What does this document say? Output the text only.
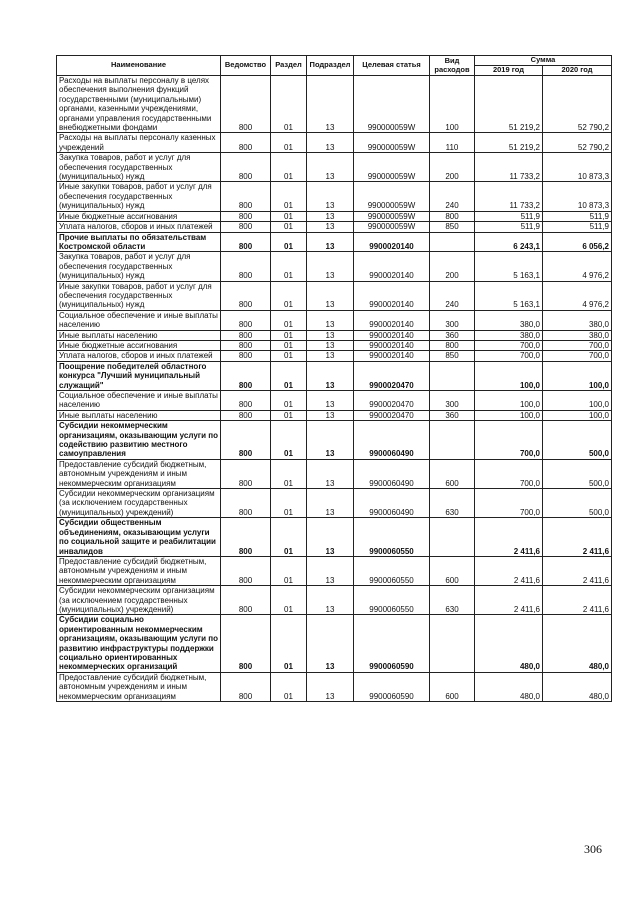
Наименование	Ведомство	Раздел	Подраздел	Целевая статья	Вид расходов	Сумма	
						2019 год	2020 год
Расходы на выплаты персоналу в целях обеспечения выполнения функций государственными (муниципальными) органами, казенными учреждениями, органами управления государственными внебюджетными фондами	800	01	13	990000059W	100	51 219,2	52 790,2
Расходы на выплаты персоналу казенных учреждений	800	01	13	990000059W	110	51 219,2	52 790,2
Закупка товаров, работ и услуг для обеспечения государственных (муниципальных) нужд	800	01	13	990000059W	200	11 733,2	10 873,3
Иные закупки товаров, работ и услуг для обеспечения государственных (муниципальных) нужд	800	01	13	990000059W	240	11 733,2	10 873,3
Иные бюджетные ассигнования	800	01	13	990000059W	800	511,9	511,9
Уплата налогов, сборов и иных платежей	800	01	13	990000059W	850	511,9	511,9
Прочие выплаты по обязательствам Костромской области	800	01	13	9900020140		6 243,1	6 056,2
Закупка товаров, работ и услуг для обеспечения государственных (муниципальных) нужд	800	01	13	9900020140	200	5 163,1	4 976,2
Иные закупки товаров, работ и услуг для обеспечения государственных (муниципальных) нужд	800	01	13	9900020140	240	5 163,1	4 976,2
Социальное обеспечение и иные выплаты населению	800	01	13	9900020140	300	380,0	380,0
Иные выплаты населению	800	01	13	9900020140	360	380,0	380,0
Иные бюджетные ассигнования	800	01	13	9900020140	800	700,0	700,0
Уплата налогов, сборов и иных платежей	800	01	13	9900020140	850	700,0	700,0
Поощрение победителей областного конкурса "Лучший муниципальный служащий"	800	01	13	9900020470		100,0	100,0
Социальное обеспечение и иные выплаты населению	800	01	13	9900020470	300	100,0	100,0
Иные выплаты населению	800	01	13	9900020470	360	100,0	100,0
Субсидии некоммерческим организациям, оказывающим услуги по содействию развитию местного самоуправления	800	01	13	9900060490		700,0	500,0
Предоставление субсидий бюджетным, автономным учреждениям и иным некоммерческим организациям	800	01	13	9900060490	600	700,0	500,0
Субсидии некоммерческим организациям (за исключением государственных (муниципальных) учреждений)	800	01	13	9900060490	630	700,0	500,0
Субсидии общественным объединениям, оказывающим услуги по социальной защите и реабилитации инвалидов	800	01	13	9900060550		2 411,6	2 411,6
Предоставление субсидий бюджетным, автономным учреждениям и иным некоммерческим организациям	800	01	13	9900060550	600	2 411,6	2 411,6
Субсидии некоммерческим организациям (за исключением государственных (муниципальных) учреждений)	800	01	13	9900060550	630	2 411,6	2 411,6
Субсидии социально ориентированным некоммерческим организациям, оказывающим услуги по развитию инфраструктуры поддержки социально ориентированных некоммерческих организаций	800	01	13	9900060590		480,0	480,0
Предоставление субсидий бюджетным, автономным учреждениям и иным некоммерческим организациям	800	01	13	9900060590	600	480,0	480,0
306
